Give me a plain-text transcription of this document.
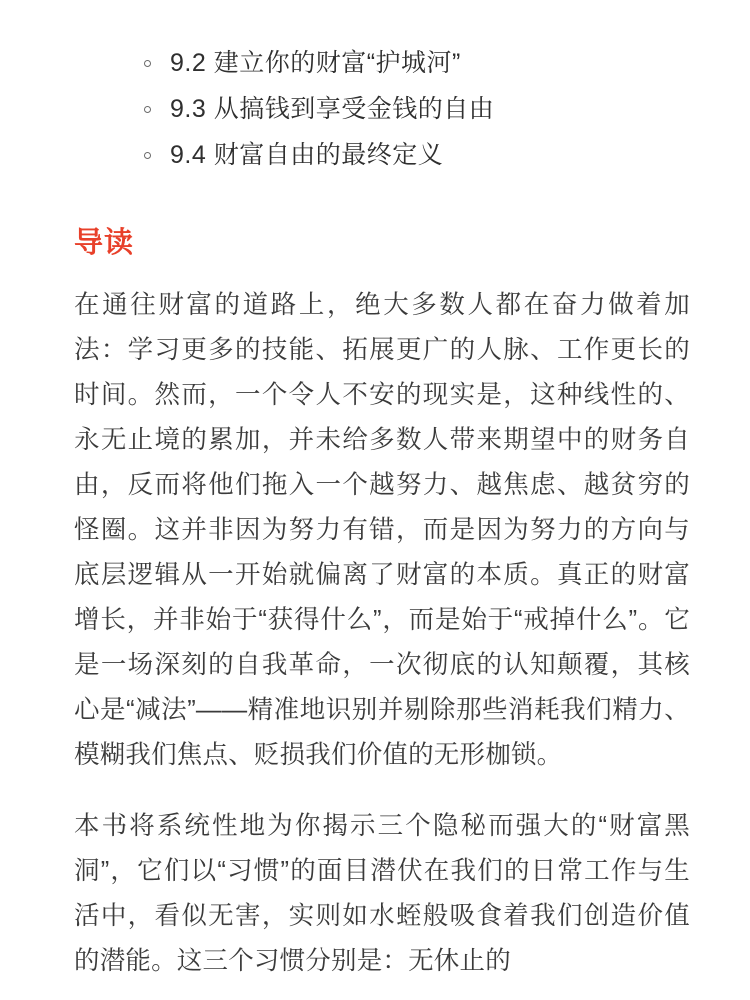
9.2 建立你的财富“护城河”
9.3 从搞钱到享受金钱的自由
9.4 财富自由的最终定义
导读

在通往财富的道路上，绝大多数人都在奋力做着加法：学习更多的技能、拓展更广的人脉、工作更长的时间。然而，一个令人不安的现实是，这种线性的、永无止境的累加，并未给多数人带来期望中的财务自由，反而将他们拖入一个越努力、越焦虑、越贫穷的怪圈。这并非因为努力有错，而是因为努力的方向与底层逻辑从一开始就偏离了财富的本质。真正的财富增长，并非始于“获得什么”，而是始于“戒掉什么”。它是一场深刻的自我革命，一次彻底的认知颠覆，其核心是“减法”——精准地识别并剔除那些消耗我们精力、模糊我们焦点、贬损我们价值的无形枷锁。

本书将系统性地为你揭示三个隐秘而强大的“财富黑洞”，它们以“习惯”的面目潜伏在我们的日常工作与生活中，看似无害，实则如水蛭般吸食着我们创造价值的潜能。这三个习惯分别是：无休止的
